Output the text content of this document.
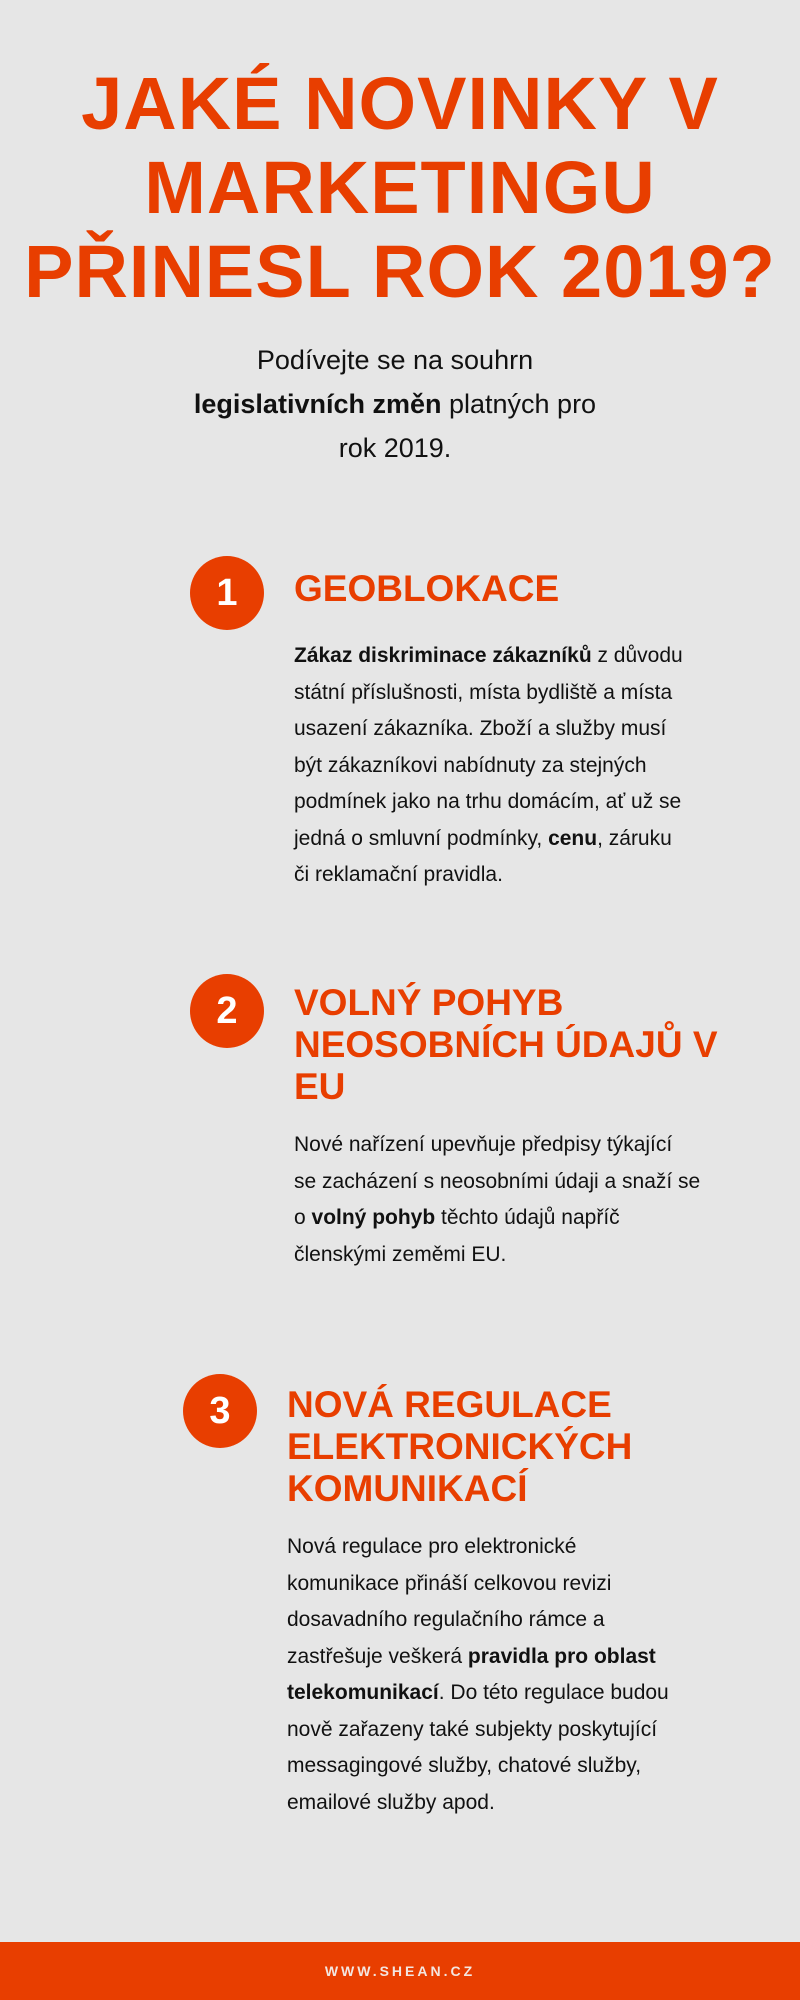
JAKÉ NOVINKY V
MARKETINGU
PŘINESL ROK 2019?
Podívejte se na souhrn
legislativních změn platných pro
rok 2019.
1	GEOBLOKACE
Zákaz diskriminace zákazníků z důvodu
státní příslušnosti, místa bydliště a místa
usazení zákazníka. Zboží a služby musí
být zákazníkovi nabídnuty za stejných
podmínek jako na trhu domácím, ať už se
jedná o smluvní podmínky, cenu, záruku
či reklamační pravidla.
2	VOLNÝ POHYB
NEOSOBNÍCH ÚDAJŮ V
EU
Nové nařízení upevňuje předpisy týkající
se zacházení s neosobními údaji a snaží se
o volný pohyb těchto údajů napříč
členskými zeměmi EU.
3	NOVÁ REGULACE
ELEKTRONICKÝCH
KOMUNIKACÍ
Nová regulace pro elektronické
komunikace přináší celkovou revizi
dosavadního regulačního rámce a
zastřešuje veškerá pravidla pro oblast
telekomunikací. Do této regulace budou
nově zařazeny také subjekty poskytující
messagingové služby, chatové služby,
emailové služby apod.
WWW.SHEAN.CZ
